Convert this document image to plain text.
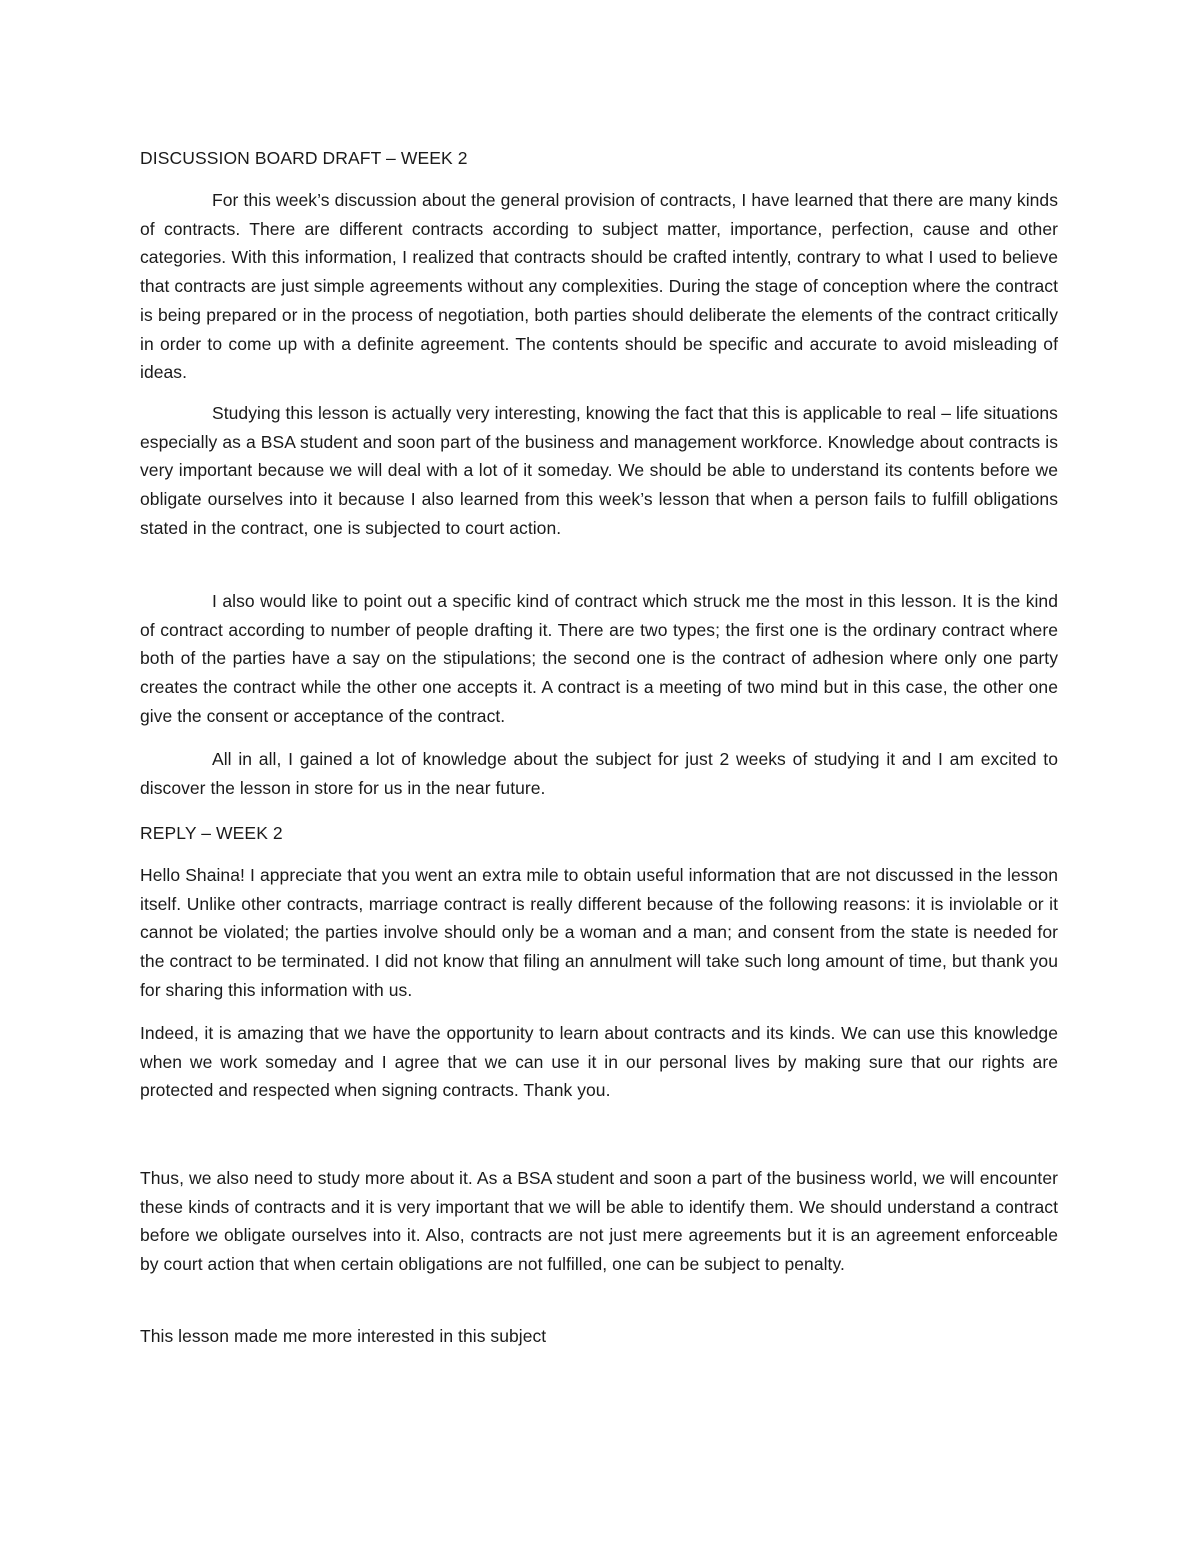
DISCUSSION BOARD DRAFT – WEEK 2

For this week’s discussion about the general provision of contracts, I have learned that there are many kinds of contracts. There are different contracts according to subject matter, importance, perfection, cause and other categories. With this information, I realized that contracts should be crafted intently, contrary to what I used to believe that contracts are just simple agreements without any complexities. During the stage of conception where the contract is being prepared or in the process of negotiation, both parties should deliberate the elements of the contract critically in order to come up with a definite agreement. The contents should be specific and accurate to avoid misleading of ideas.

Studying this lesson is actually very interesting, knowing the fact that this is applicable to real – life situations especially as a BSA student and soon part of the business and management workforce. Knowledge about contracts is very important because we will deal with a lot of it someday. We should be able to understand its contents before we obligate ourselves into it because I also learned from this week’s lesson that when a person fails to fulfill obligations stated in the contract, one is subjected to court action.

I also would like to point out a specific kind of contract which struck me the most in this lesson. It is the kind of contract according to number of people drafting it. There are two types; the first one is the ordinary contract where both of the parties have a say on the stipulations; the second one is the contract of adhesion where only one party creates the contract while the other one accepts it. A contract is a meeting of two mind but in this case, the other one give the consent or acceptance of the contract.

All in all, I gained a lot of knowledge about the subject for just 2 weeks of studying it and I am excited to discover the lesson in store for us in the near future.

REPLY – WEEK 2

Hello Shaina! I appreciate that you went an extra mile to obtain useful information that are not discussed in the lesson itself. Unlike other contracts, marriage contract is really different because of the following reasons: it is inviolable or it cannot be violated; the parties involve should only be a woman and a man; and consent from the state is needed for the contract to be terminated. I did not know that filing an annulment will take such long amount of time, but thank you for sharing this information with us.

Indeed, it is amazing that we have the opportunity to learn about contracts and its kinds. We can use this knowledge when we work someday and I agree that we can use it in our personal lives by making sure that our rights are protected and respected when signing contracts. Thank you.

Thus, we also need to study more about it. As a BSA student and soon a part of the business world, we will encounter these kinds of contracts and it is very important that we will be able to identify them. We should understand a contract before we obligate ourselves into it. Also, contracts are not just mere agreements but it is an agreement enforceable by court action that when certain obligations are not fulfilled, one can be subject to penalty.

This lesson made me more interested in this subject
